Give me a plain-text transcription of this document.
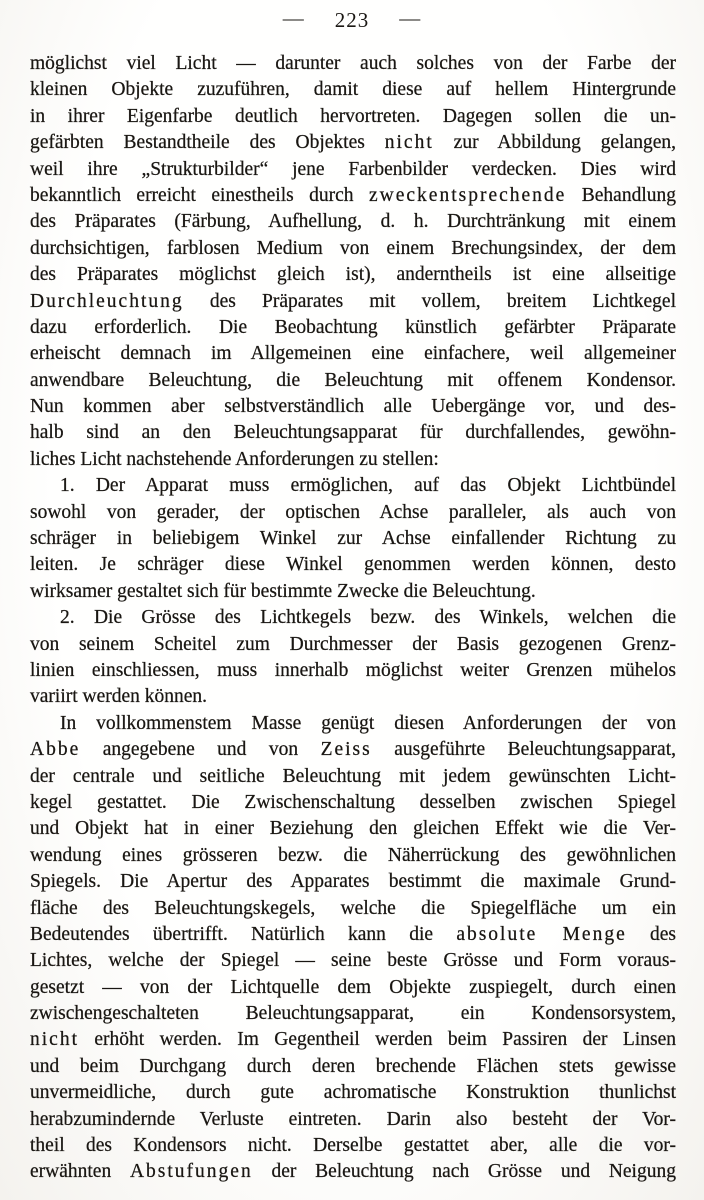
— 223 —
möglichst viel Licht — darunter auch solches von der Farbe der
kleinen Objekte zuzuführen, damit diese auf hellem Hintergrunde
in ihrer Eigenfarbe deutlich hervortreten. Dagegen sollen die un-
gefärbten Bestandtheile des Objektes nicht zur Abbildung gelangen,
weil ihre „Strukturbilder“ jene Farbenbilder verdecken. Dies wird
bekanntlich erreicht einestheils durch zweckentsprechende Behandlung
des Präparates (Färbung, Aufhellung, d. h. Durchtränkung mit einem
durchsichtigen, farblosen Medium von einem Brechungsindex, der dem
des Präparates möglichst gleich ist), anderntheils ist eine allseitige
Durchleuchtung des Präparates mit vollem, breitem Lichtkegel
dazu erforderlich. Die Beobachtung künstlich gefärbter Präparate
erheischt demnach im Allgemeinen eine einfachere, weil allgemeiner
anwendbare Beleuchtung, die Beleuchtung mit offenem Kondensor.
Nun kommen aber selbstverständlich alle Uebergänge vor, und des-
halb sind an den Beleuchtungsapparat für durchfallendes, gewöhn-
liches Licht nachstehende Anforderungen zu stellen:
1. Der Apparat muss ermöglichen, auf das Objekt Lichtbündel
sowohl von gerader, der optischen Achse paralleler, als auch von
schräger in beliebigem Winkel zur Achse einfallender Richtung zu
leiten. Je schräger diese Winkel genommen werden können, desto
wirksamer gestaltet sich für bestimmte Zwecke die Beleuchtung.
2. Die Grösse des Lichtkegels bezw. des Winkels, welchen die
von seinem Scheitel zum Durchmesser der Basis gezogenen Grenz-
linien einschliessen, muss innerhalb möglichst weiter Grenzen mühelos
variirt werden können.
In vollkommenstem Masse genügt diesen Anforderungen der von
Abbe angegebene und von Zeiss ausgeführte Beleuchtungsapparat,
der centrale und seitliche Beleuchtung mit jedem gewünschten Licht-
kegel gestattet. Die Zwischenschaltung desselben zwischen Spiegel
und Objekt hat in einer Beziehung den gleichen Effekt wie die Ver-
wendung eines grösseren bezw. die Näherrückung des gewöhnlichen
Spiegels. Die Apertur des Apparates bestimmt die maximale Grund-
fläche des Beleuchtungskegels, welche die Spiegelfläche um ein
Bedeutendes übertrifft. Natürlich kann die absolute Menge des
Lichtes, welche der Spiegel — seine beste Grösse und Form voraus-
gesetzt — von der Lichtquelle dem Objekte zuspiegelt, durch einen
zwischengeschalteten Beleuchtungsapparat, ein Kondensorsystem,
nicht erhöht werden. Im Gegentheil werden beim Passiren der Linsen
und beim Durchgang durch deren brechende Flächen stets gewisse
unvermeidliche, durch gute achromatische Konstruktion thunlichst
herabzumindernde Verluste eintreten. Darin also besteht der Vor-
theil des Kondensors nicht. Derselbe gestattet aber, alle die vor-
erwähnten Abstufungen der Beleuchtung nach Grösse und Neigung
